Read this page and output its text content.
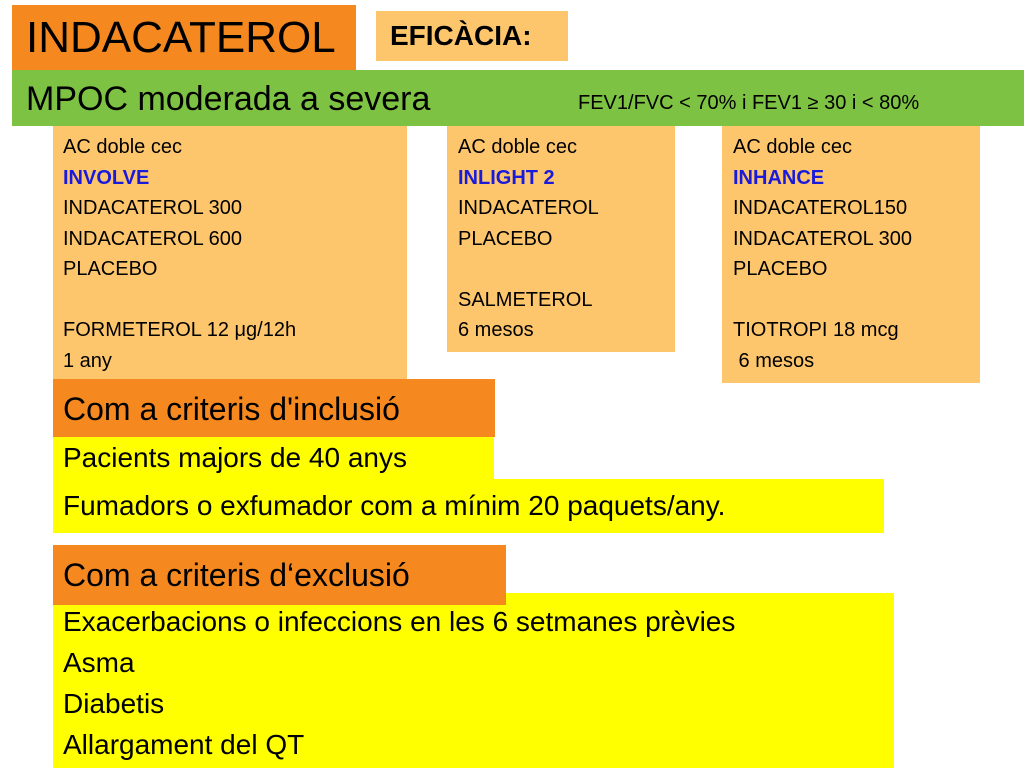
INDACATEROL EFICÀCIA:
MPOC moderada a severa	FEV1/FVC < 70% i FEV1 ≥ 30 i < 80%
AC doble cec
INVOLVE
INDACATEROL 300
INDACATEROL 600
PLACEBO
FORMETEROL 12 μg/12h
1 any
AC doble cec
INLIGHT 2
INDACATEROL
PLACEBO
SALMETEROL
6 mesos
AC doble cec
INHANCE
INDACATEROL150
INDACATEROL 300
PLACEBO
TIOTROPI 18 mcg
6 mesos
Com a criteris d'inclusió
Pacients majors de 40 anys
Fumadors o exfumador com a mínim 20 paquets/any.
Exacerbacions o infeccions en les 6 setmanes prèvies
Asma
Diabetis
Allargament del QT
Com a criteris d‘exclusió
